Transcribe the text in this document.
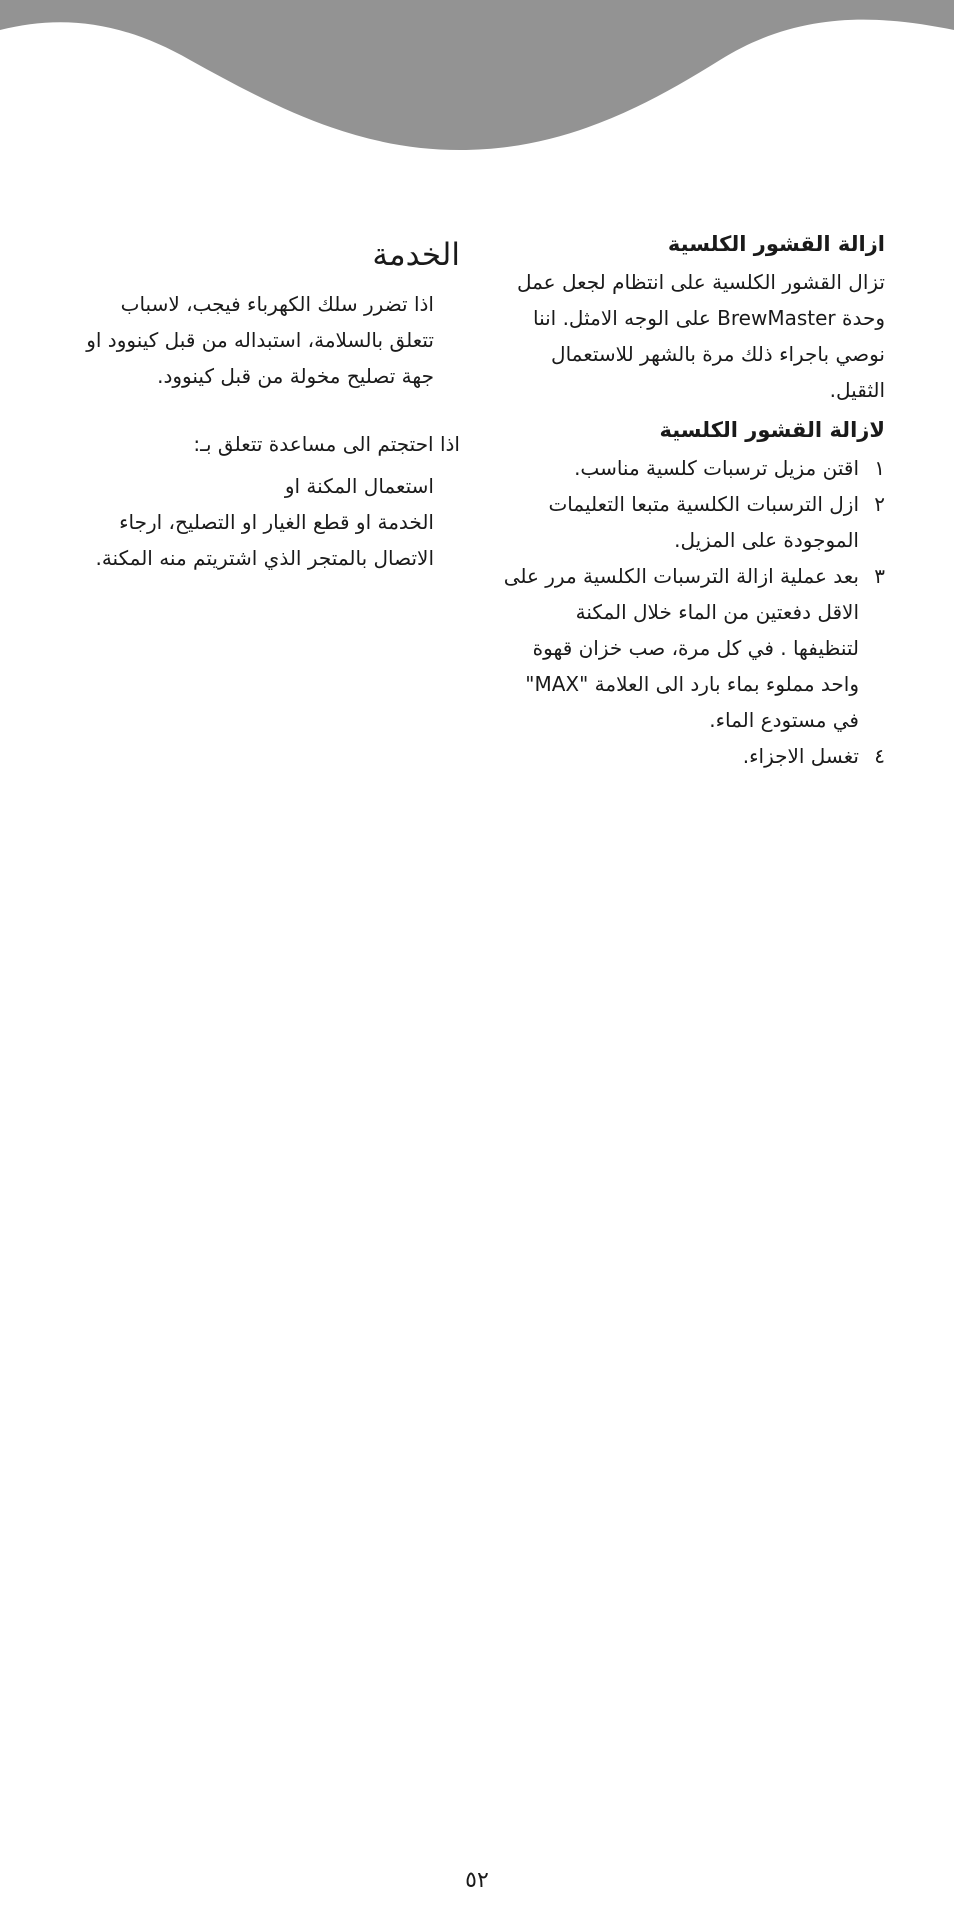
ازالة القشور الكلسية
تزال القشور الكلسية على انتظام لجعل عمل
وحدة BrewMaster على الوجه الامثل. اننا
نوصي باجراء ذلك مرة بالشهر للاستعمال
الثقيل.
لازالة القشور الكلسية
١
اقتن مزيل ترسبات كلسية مناسب.
٢
ازل الترسبات الكلسية متبعا التعليمات
الموجودة على المزيل.
٣
بعد عملية ازالة الترسبات الكلسية مرر على
الاقل دفعتين من الماء خلال المكنة
لتنظيفها . في كل مرة، صب خزان قهوة
واحد مملوء بماء بارد الى العلامة "MAX"
في مستودع الماء.
٤
تغسل الاجزاء.
الخدمة
اذا تضرر سلك الكهرباء فيجب، لاسباب
تتعلق بالسلامة، استبداله من قبل كينوود او
جهة تصليح مخولة من قبل كينوود.
اذا احتجتم الى مساعدة تتعلق بـ:
استعمال المكنة او
الخدمة او قطع الغيار او التصليح، ارجاء
الاتصال بالمتجر الذي اشتريتم منه المكنة.
٥٢
